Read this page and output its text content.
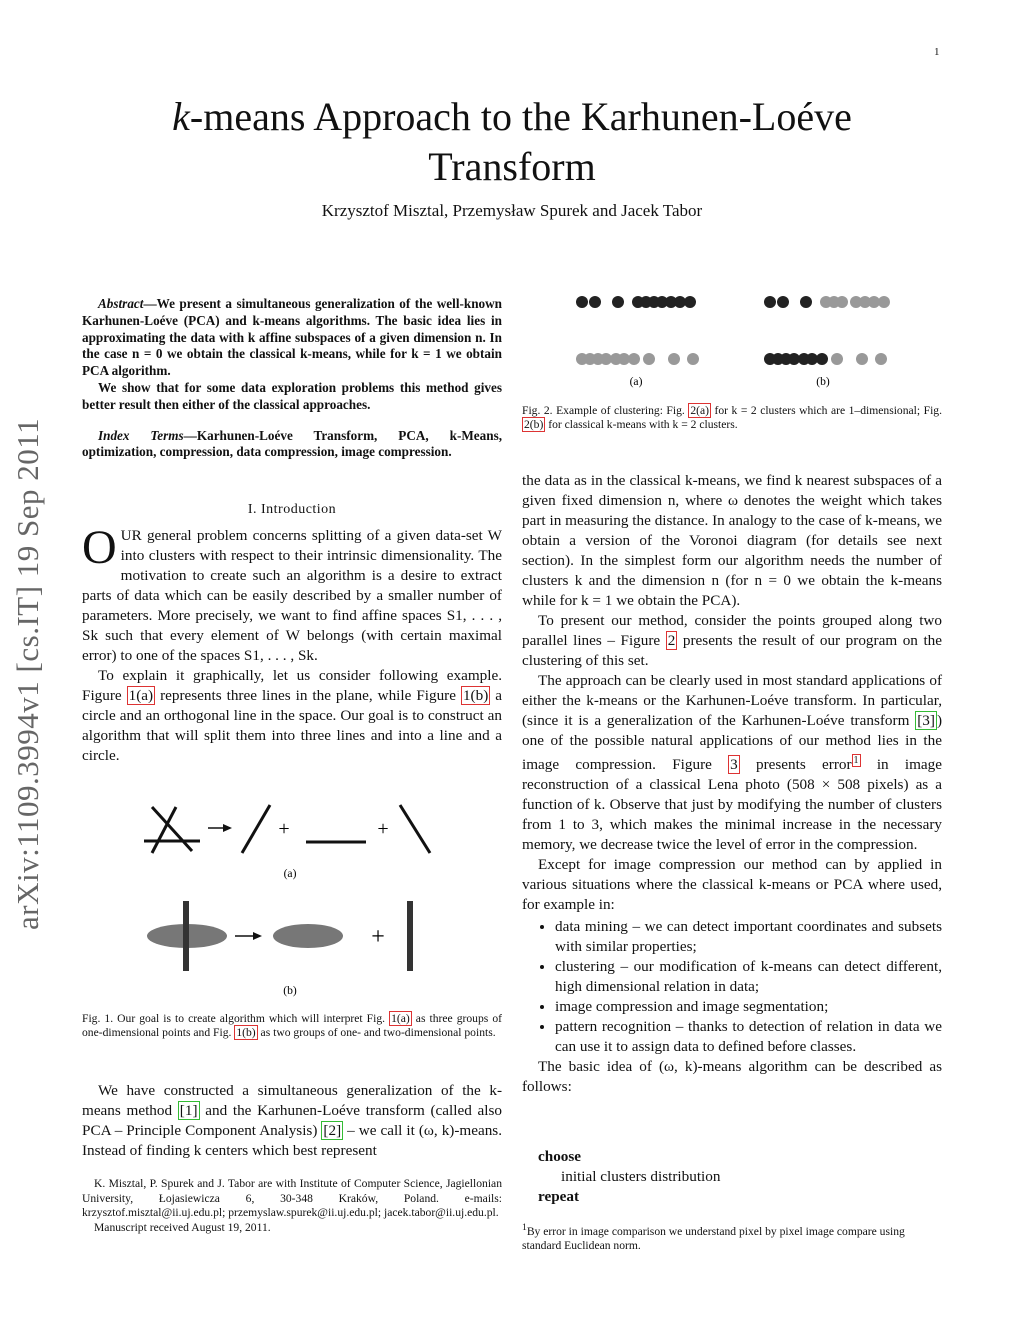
1
k-means Approach to the Karhunen-Loéve
Transform
Krzysztof Misztal, Przemysław Spurek and Jacek Tabor
arXiv:1109.3994v1 [cs.IT] 19 Sep 2011

Abstract—We present a simultaneous generalization of the well-known Karhunen-Loéve (PCA) and k-means algorithms. The basic idea lies in approximating the data with k affine subspaces of a given dimension n. In the case n = 0 we obtain the classical k-means, while for k = 1 we obtain PCA algorithm.

We show that for some data exploration problems this method gives better result then either of the classical approaches.

Index Terms—Karhunen-Loéve Transform, PCA, k-Means, optimization, compression, data compression, image compression.

I. Introduction

OUR general problem concerns splitting of a given data-set W into clusters with respect to their intrinsic dimensionality. The motivation to create such an algorithm is a desire to extract parts of data which can be easily described by a smaller number of parameters. More precisely, we want to find affine spaces S1, . . . , Sk such that every element of W belongs (with certain maximal error) to one of the spaces S1, . . . , Sk.

To explain it graphically, let us consider following example. Figure 1(a) represents three lines in the plane, while Figure 1(b) a circle and an orthogonal line in the space. Our goal is to construct an algorithm that will split them into three lines and into a line and a circle.

+	+
(a)
+
(b)
Fig. 1. Our goal is to create algorithm which will interpret Fig. 1(a) as three groups of one-dimensional points and Fig. 1(b) as two groups of one- and two-dimensional points.

We have constructed a simultaneous generalization of the k-means method [1] and the Karhunen-Loéve transform (called also PCA – Principle Component Analysis) [2] – we call it (ω, k)-means. Instead of finding k centers which best represent

K. Misztal, P. Spurek and J. Tabor are with Institute of Computer Science, Jagiellonian University, Łojasiewicza 6, 30-348 Kraków, Poland. e-mails: krzysztof.misztal@ii.uj.edu.pl; przemyslaw.spurek@ii.uj.edu.pl; jacek.tabor@ii.uj.edu.pl.

Manuscript received August 19, 2011.

(a)	(b)
Fig. 2. Example of clustering: Fig. 2(a) for k = 2 clusters which are 1–dimensional; Fig. 2(b) for classical k-means with k = 2 clusters.

the data as in the classical k-means, we find k nearest subspaces of a given fixed dimension n, where ω denotes the weight which takes part in measuring the distance. In analogy to the case of k-means, we obtain a version of the Voronoi diagram (for details see next section). In the simplest form our algorithm needs the number of clusters k and the dimension n (for n = 0 we obtain the k-means while for k = 1 we obtain the PCA).

To present our method, consider the points grouped along two parallel lines – Figure 2 presents the result of our program on the clustering of this set.

The approach can be clearly used in most standard applications of either the k-means or the Karhunen-Loéve transform. In particular, (since it is a generalization of the Karhunen-Loéve transform [3] ) one of the possible natural applications of our method lies in the image compression. Figure 3 presents error $^1$ in image reconstruction of a classical Lena photo (508 × 508 pixels) as a function of k. Observe that just by modifying the number of clusters from 1 to 3, which makes the minimal increase in the necessary memory, we decrease twice the level of error in the compression.

Except for image compression our method can by applied in various situations where the classical k-means or PCA where used, for example in:

• data mining – we can detect important coordinates and subsets with similar properties;
• clustering – our modification of k-means can detect different, high dimensional relation in data;
• image compression and image segmentation;
• pattern recognition – thanks to detection of relation in data we can use it to assign data to defined before classes.

The basic idea of (ω, k)-means algorithm can be described as follows:

choose
initial clusters distribution
repeat
$^1$By error in image comparison we understand pixel by pixel image compare using standard Euclidean norm.
